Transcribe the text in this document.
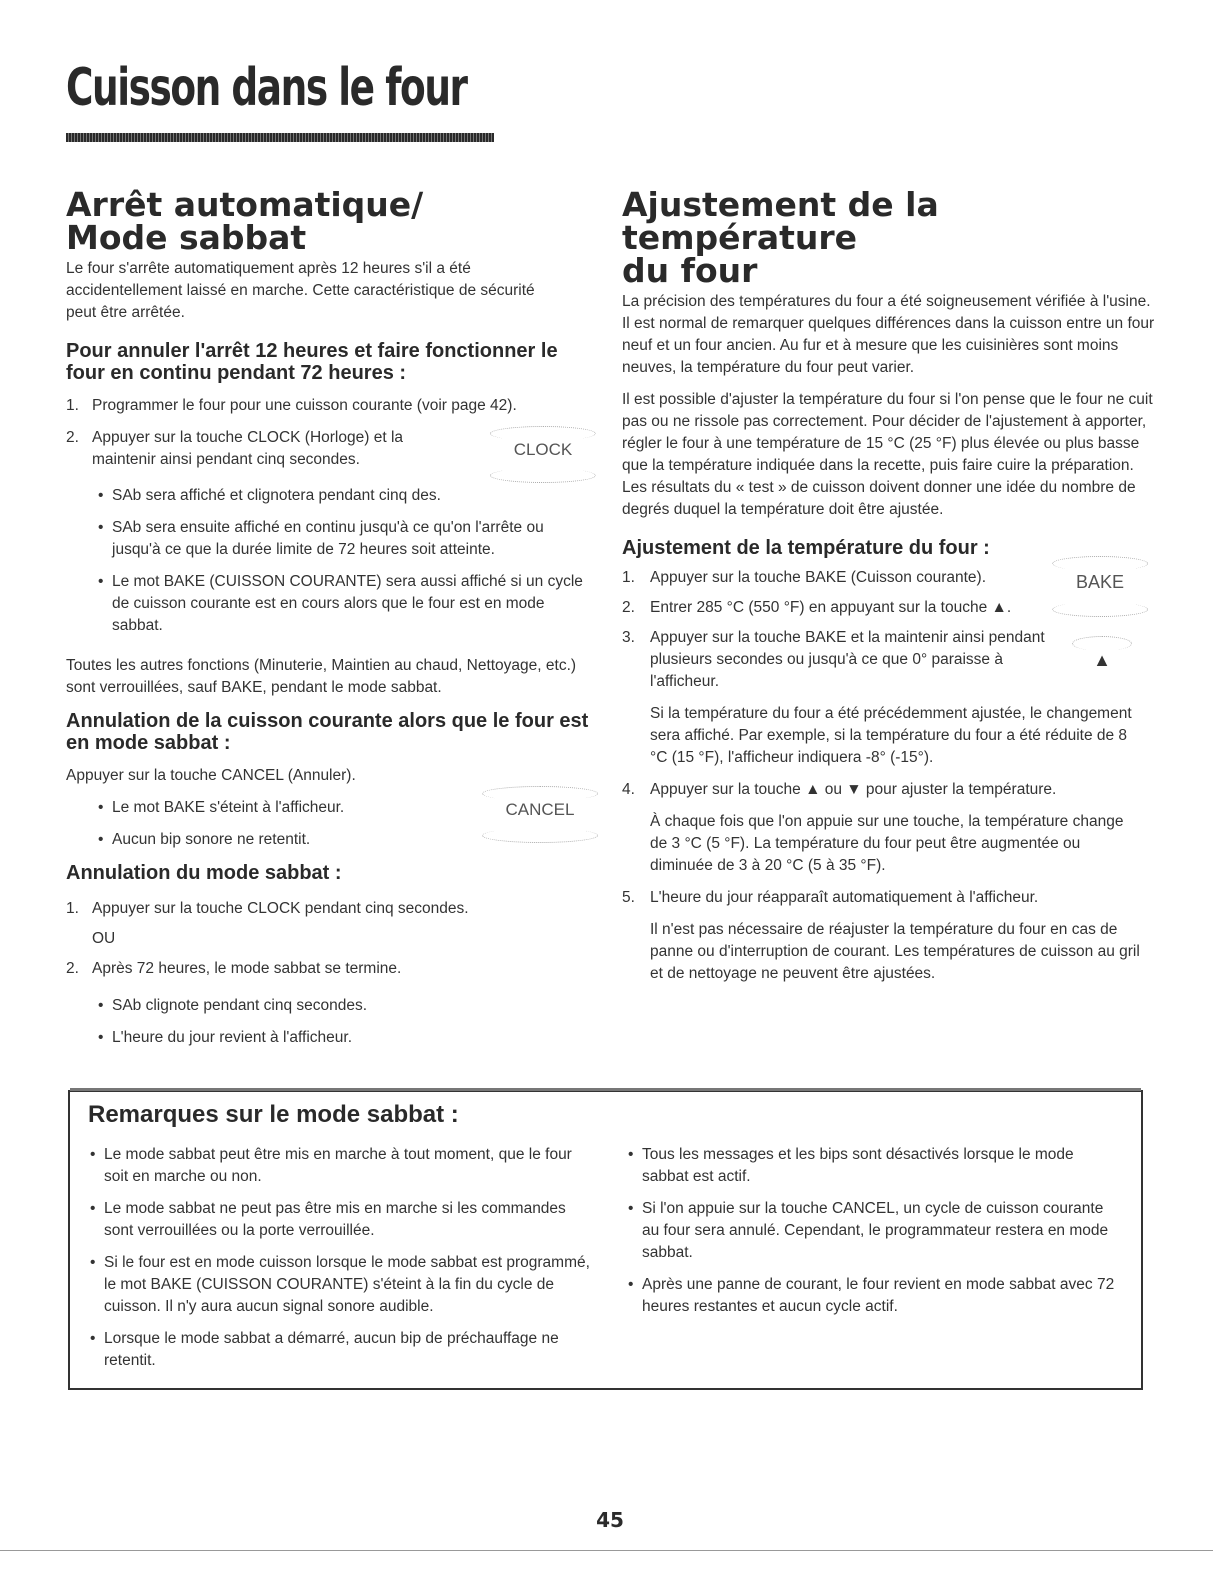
Cuisson dans le four
Arrêt automatique/
Mode sabbat

Le four s'arrête automatiquement après 12 heures s'il a été accidentellement laissé en marche. Cette caractéristique de sécurité peut être arrêtée.

Pour annuler l'arrêt 12 heures et faire fonctionner le four en continu pendant 72 heures :
1. Programmer le four pour une cuisson courante (voir page 42).
2. Appuyer sur la touche CLOCK (Horloge) et la maintenir ainsi pendant cinq secondes.
CLOCK
• SAb sera affiché et clignotera pendant cinq des.
• SAb sera ensuite affiché en continu jusqu'à ce qu'on l'arrête ou jusqu'à ce que la durée limite de 72 heures soit atteinte.
• Le mot BAKE (CUISSON COURANTE) sera aussi affiché si un cycle de cuisson courante est en cours alors que le four est en mode sabbat.

Toutes les autres fonctions (Minuterie, Maintien au chaud, Nettoyage, etc.) sont verrouillées, sauf BAKE, pendant le mode sabbat.

Annulation de la cuisson courante alors que le four est en mode sabbat :

Appuyer sur la touche CANCEL (Annuler).

• Le mot BAKE s'éteint à l'afficheur.
• Aucun bip sonore ne retentit.
CANCEL
Annulation du mode sabbat :
1. Appuyer sur la touche CLOCK pendant cinq secondes.
OU
2. Après 72 heures, le mode sabbat se termine.
• SAb clignote pendant cinq secondes.
• L'heure du jour revient à l'afficheur.
Ajustement de la température
du four

La précision des températures du four a été soigneusement vérifiée à l'usine. Il est normal de remarquer quelques différences dans la cuisson entre un four neuf et un four ancien. Au fur et à mesure que les cuisinières sont moins neuves, la température du four peut varier.

Il est possible d'ajuster la température du four si l'on pense que le four ne cuit pas ou ne rissole pas correctement. Pour décider de l'ajustement à apporter, régler le four à une température de 15 °C (25 °F) plus élevée ou plus basse que la température indiquée dans la recette, puis faire cuire la préparation. Les résultats du « test » de cuisson doivent donner une idée du nombre de degrés duquel la température doit être ajustée.

Ajustement de la température du four :
1. Appuyer sur la touche BAKE (Cuisson courante).
2. Entrer 285 °C (550 °F) en appuyant sur la touche ▲.
3. Appuyer sur la touche BAKE et la maintenir ainsi pendant plusieurs secondes ou jusqu'à ce que 0° paraisse à l'afficheur.

Si la température du four a été précédemment ajustée, le changement sera affiché. Par exemple, si la température du four a été réduite de 8 °C (15 °F), l'afficheur indiquera -8° (-15°).

4. Appuyer sur la touche ▲ ou ▼ pour ajuster la température.

À chaque fois que l'on appuie sur une touche, la température change de 3 °C (5 °F). La température du four peut être augmentée ou diminuée de 3 à 20 °C (5 à 35 °F).

5. L'heure du jour réapparaît automatiquement à l'afficheur.

Il n'est pas nécessaire de réajuster la température du four en cas de panne ou d'interruption de courant. Les températures de cuisson au gril et de nettoyage ne peuvent être ajustées.

BAKE
▲
Remarques sur le mode sabbat :
• Le mode sabbat peut être mis en marche à tout moment, que le four soit en marche ou non.
• Le mode sabbat ne peut pas être mis en marche si les commandes sont verrouillées ou la porte verrouillée.
• Si le four est en mode cuisson lorsque le mode sabbat est programmé, le mot BAKE (CUISSON COURANTE) s'éteint à la fin du cycle de cuisson. Il n'y aura aucun signal sonore audible.
• Lorsque le mode sabbat a démarré, aucun bip de préchauffage ne retentit.
• Tous les messages et les bips sont désactivés lorsque le mode sabbat est actif.
• Si l'on appuie sur la touche CANCEL, un cycle de cuisson courante au four sera annulé. Cependant, le programmateur restera en mode sabbat.
• Après une panne de courant, le four revient en mode sabbat avec 72 heures restantes et aucun cycle actif.
45
